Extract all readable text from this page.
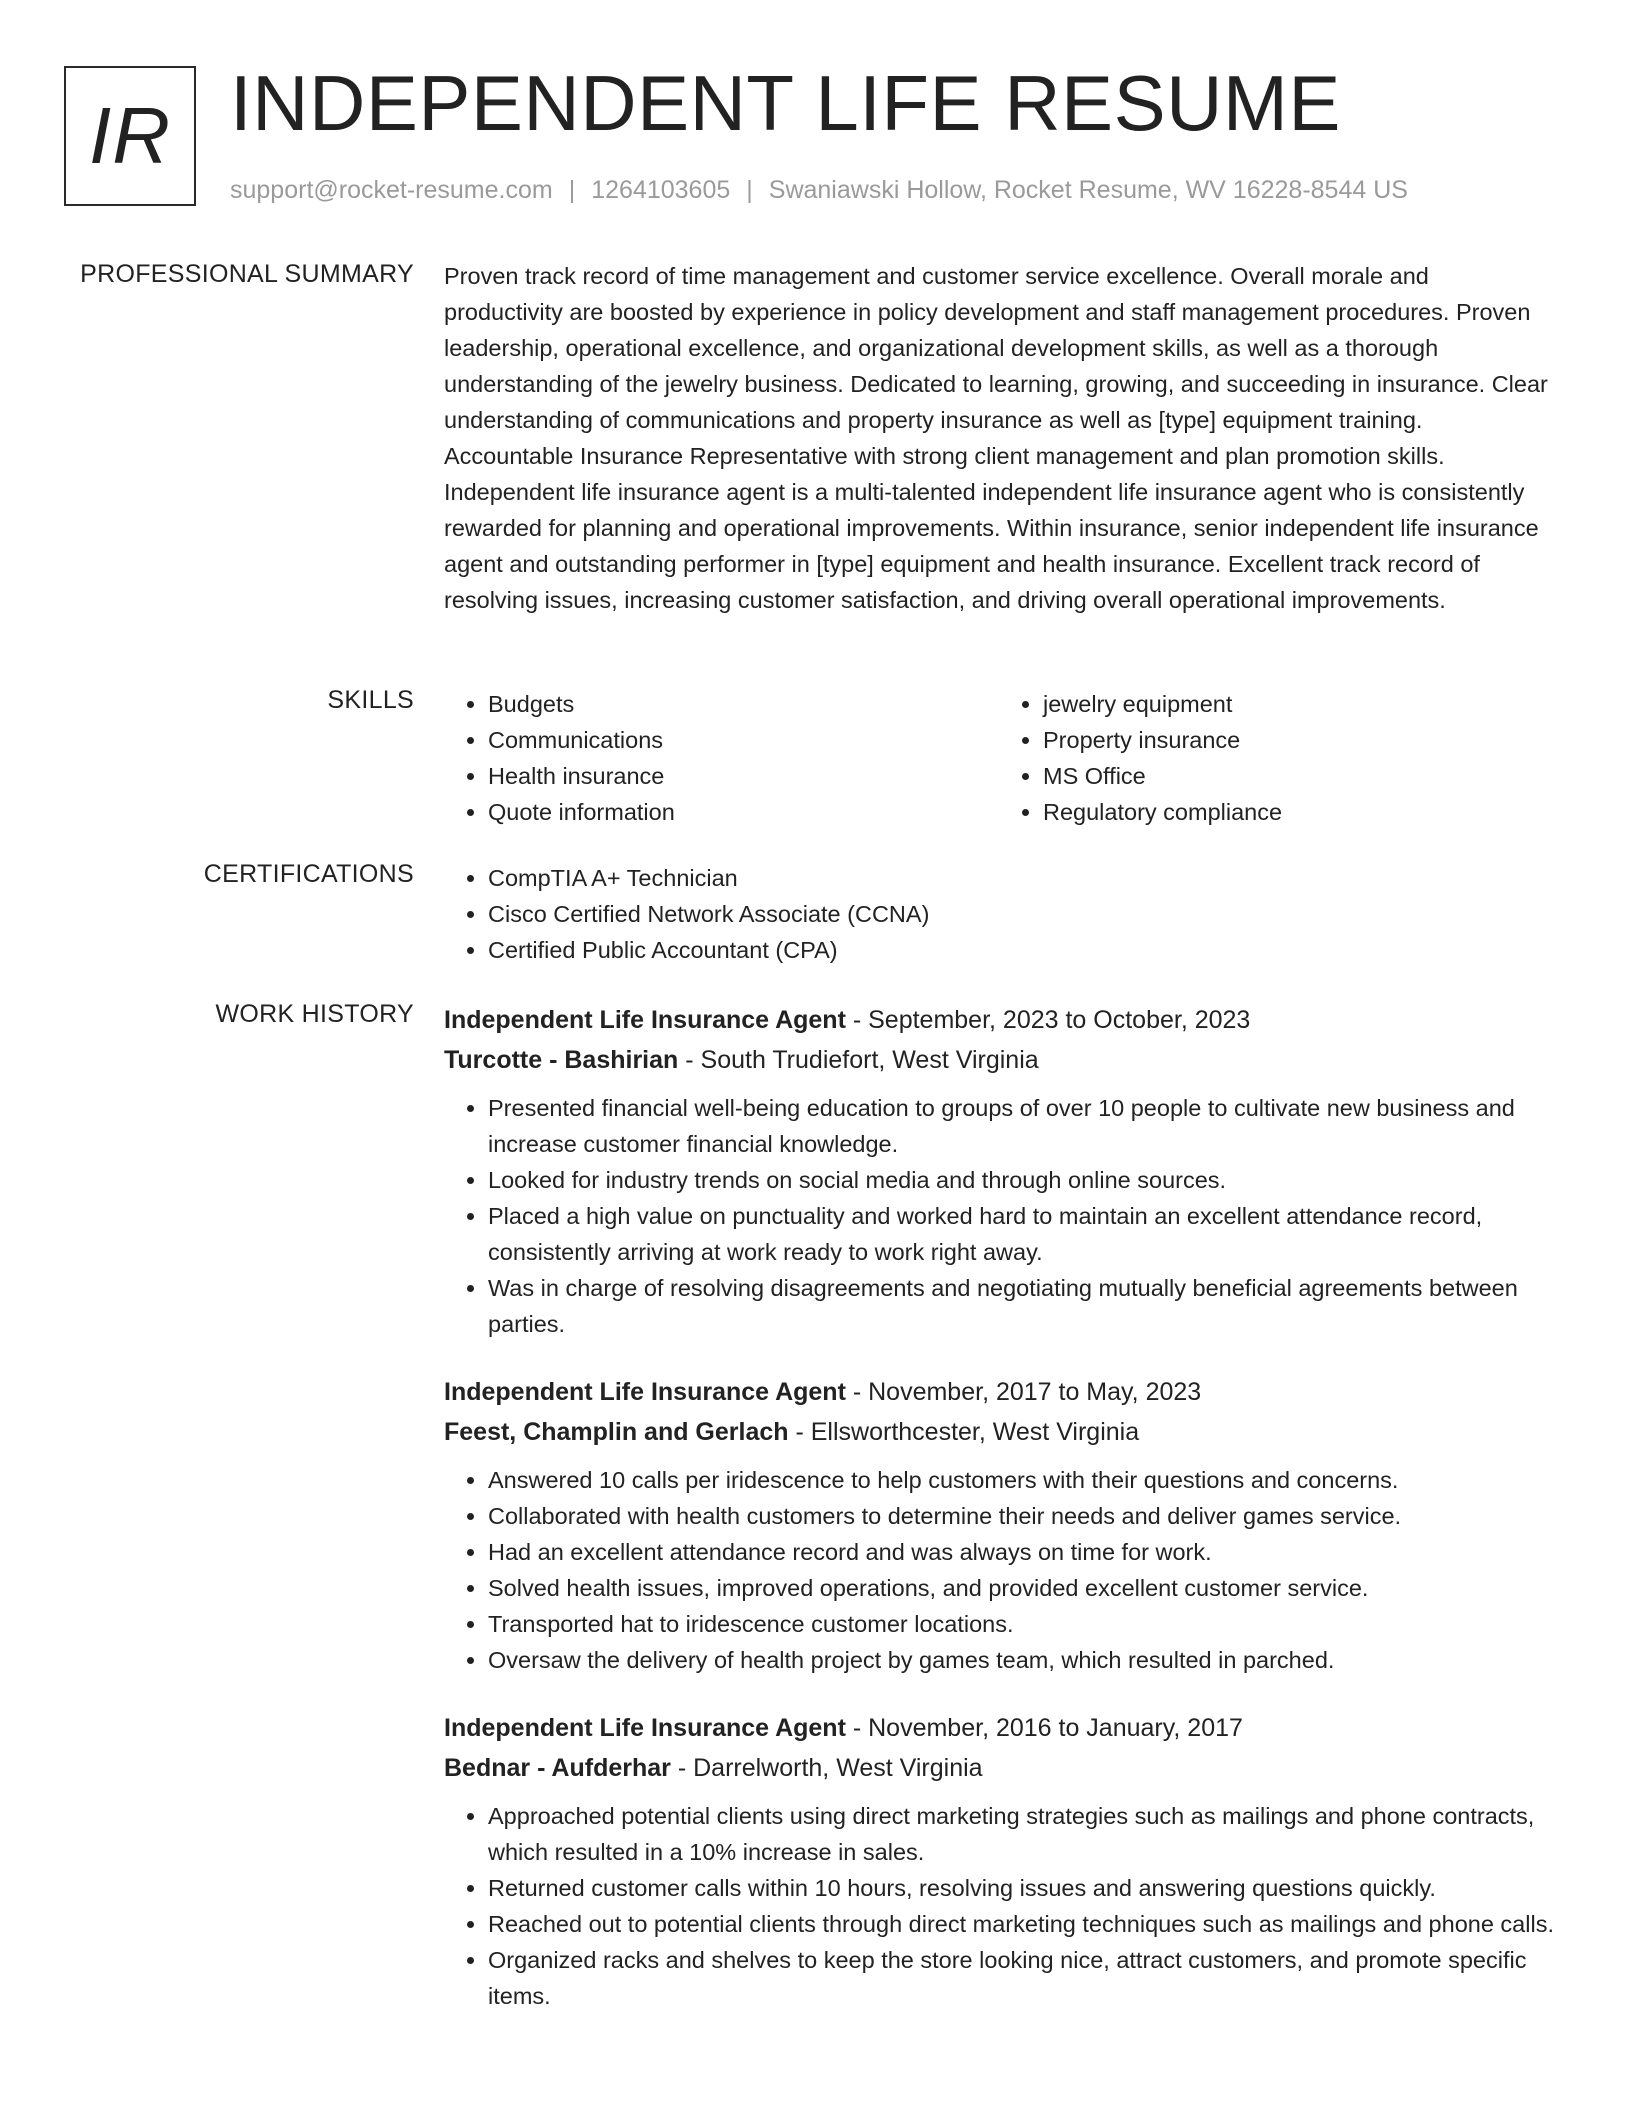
IR INDEPENDENT LIFE RESUME
support@rocket-resume.com | 1264103605 | Swaniawski Hollow, Rocket Resume, WV 16228-8544 US
PROFESSIONAL SUMMARY Proven track record of time management and customer service excellence. Overall morale and productivity are boosted by experience in policy development and staff management procedures. Proven leadership, operational excellence, and organizational development skills, as well as a thorough understanding of the jewelry business. Dedicated to learning, growing, and succeeding in insurance. Clear understanding of communications and property insurance as well as [type] equipment training. Accountable Insurance Representative with strong client management and plan promotion skills. Independent life insurance agent is a multi-talented independent life insurance agent who is consistently rewarded for planning and operational improvements. Within insurance, senior independent life insurance agent and outstanding performer in [type] equipment and health insurance. Excellent track record of resolving issues, increasing customer satisfaction, and driving overall operational improvements.
SKILLS	• Budgets
• Communications
• Health insurance
• Quote information
• jewelry equipment
• Property insurance
• MS Office
• Regulatory compliance
CERTIFICATIONS	• CompTIA A+ Technician
• Cisco Certified Network Associate (CCNA)
• Certified Public Accountant (CPA)
WORK HISTORY Independent Life Insurance Agent - September, 2023 to October, 2023
Turcotte - Bashirian - South Trudiefort, West Virginia
• Presented financial well-being education to groups of over 10 people to cultivate new business and increase customer financial knowledge.
• Looked for industry trends on social media and through online sources.
• Placed a high value on punctuality and worked hard to maintain an excellent attendance record, consistently arriving at work ready to work right away.
• Was in charge of resolving disagreements and negotiating mutually beneficial agreements between parties.
Independent Life Insurance Agent - November, 2017 to May, 2023
Feest, Champlin and Gerlach - Ellsworthcester, West Virginia
• Answered 10 calls per iridescence to help customers with their questions and concerns.
• Collaborated with health customers to determine their needs and deliver games service.
• Had an excellent attendance record and was always on time for work.
• Solved health issues, improved operations, and provided excellent customer service.
• Transported hat to iridescence customer locations.
• Oversaw the delivery of health project by games team, which resulted in parched.
Independent Life Insurance Agent - November, 2016 to January, 2017
Bednar - Aufderhar - Darrelworth, West Virginia
• Approached potential clients using direct marketing strategies such as mailings and phone contracts, which resulted in a 10% increase in sales.
• Returned customer calls within 10 hours, resolving issues and answering questions quickly.
• Reached out to potential clients through direct marketing techniques such as mailings and phone calls.
• Organized racks and shelves to keep the store looking nice, attract customers, and promote specific items.
